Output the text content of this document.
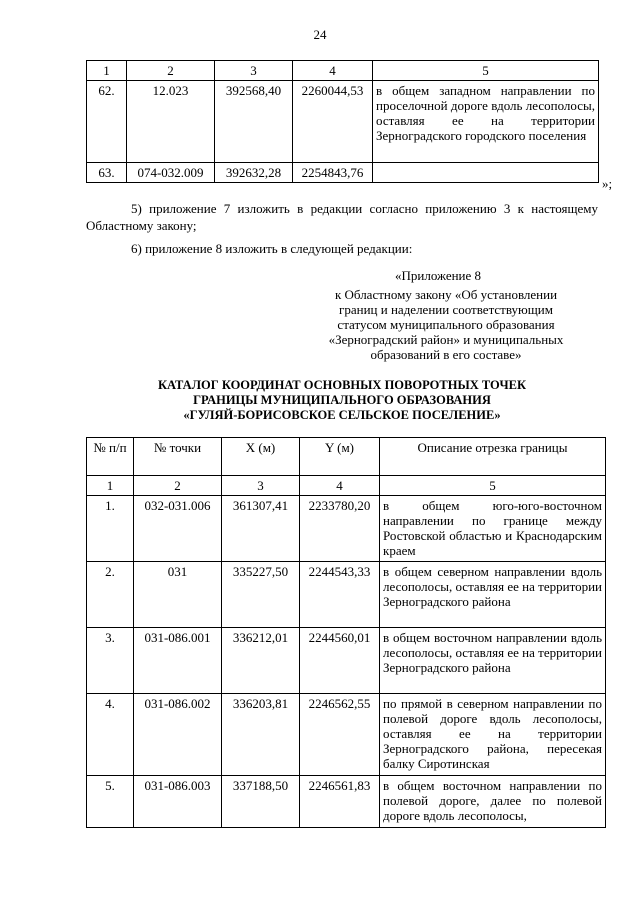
24
1	2	3	4	5
62.	12.023	392568,40	2260044,53	в общем западном направлении по проселочной дороге вдоль лесополосы, оставляя ее на территории Зерноградского городского поселения
63.	074-032.009	392632,28	2254843,76	
»;
5) приложение 7 изложить в редакции согласно приложению 3 к настоящему Областному закону;
6) приложение 8 изложить в следующей редакции:
«Приложение 8
к Областному закону «Об установлении
границ и наделении соответствующим
статусом муниципального образования
«Зерноградский район» и муниципальных
образований в его составе»
КАТАЛОГ КООРДИНАТ ОСНОВНЫХ ПОВОРОТНЫХ ТОЧЕК
ГРАНИЦЫ МУНИЦИПАЛЬНОГО ОБРАЗОВАНИЯ
«ГУЛЯЙ-БОРИСОВСКОЕ СЕЛЬСКОЕ ПОСЕЛЕНИЕ»
№ п/п	№ точки	X (м)	Y (м)	Описание отрезка границы
1	2	3	4	5
1.	032-031.006	361307,41	2233780,20	в общем юго-юго-восточном направлении по границе между Ростовской областью и Краснодарским краем
2.	031	335227,50	2244543,33	в общем северном направлении вдоль лесополосы, оставляя ее на территории Зерноградского района
3.	031-086.001	336212,01	2244560,01	в общем восточном направлении вдоль лесополосы, оставляя ее на территории Зерноградского района
4.	031-086.002	336203,81	2246562,55	по прямой в северном направлении по полевой дороге вдоль лесополосы, оставляя ее на территории Зерноградского района, пересекая балку Сиротинская
5.	031-086.003	337188,50	2246561,83	в общем восточном направлении по полевой дороге, далее по полевой дороге вдоль лесополосы,
